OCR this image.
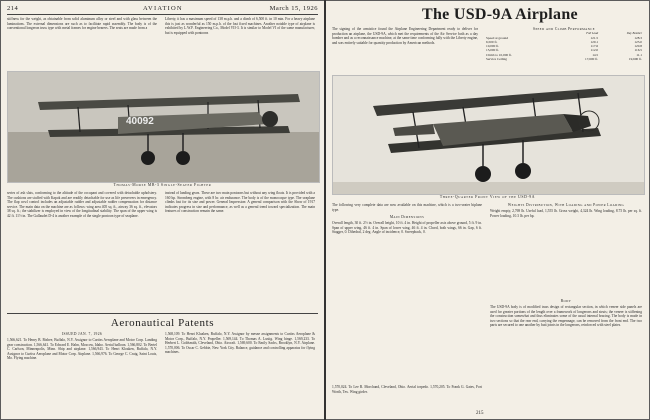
214	AVIATION	March 15, 1926
stiffness for the weight, as obtainable from solid aluminum alloy or steel and with glass between the laminations. The external dimensions are such as to facilitate rapid assembly. The body is of the conventional longeron truss type with metal frames for engine bearers. The seats are made from a
Liberty, it has a maximum speed of 138 m.p.h. and a climb of 6,500 ft. in 10 min. For a heavy airplane this is just as wonderful as 150 m.p.h. of the fast fixed machines. Another notable type of airplane is exhibited by L.W.F. Engineering Co., Model VII-3. It is similar to Model VI of the same manufacturer, but is equipped with pontoons
40092
Thomas-Morse MB-3 Single-Seater Fighter
series of ash slats, conforming to the altitude of the occupant and covered with detachable upholstery. The cushions are stuffed with Kapok and are readily detachable for use as life preservers in emergency. The flap cowl control includes an adjustable rudder and adjustable rudder compensation for distance service. The main data on the machine are as follows: wing area 405 sq. ft., airway 36 sq. ft., elevators 38 sq. ft.; the stabilizer is employed in view of the longitudinal stability. The span of the upper wing is 42 ft. 11½ in. The Gallaudet D-4 is another example of the single pontoon type of seaplane.
instead of landing gears. These are two main pontoons but without any wing floats. It is provided with a 160 hp. Stromberg engine, with 8 hr. air endurance. The body is of the monocoque type. The seaplane climbs fast for its size and power. General Impression: A general comparison with the Show of 1917 indicates progress in size and performance, as well as a general trend toward specialization. The main features of construction remain the same.
Aeronautical Patents
ISSUED JAN. 7, 1926
1,566,621. To Henry B. Bisbee, Buffalo, N.Y. Assignor to Curtiss Aeroplane and Motor Corp. Landing gear construction. 1,566,641. To Edward E. Hahn, Moscow, Idaho. Aerial balloon. 1,566,802. To Bertel C. Carlson, Minneapolis, Minn. Ship and airplane. 1,566,943. To Henri Kloaken, Buffalo, N.Y. Assignor to Curtiss Aeroplane and Motor Corp. Airplane. 1,566,976. To George C. Craig, Saint Louis, Mo. Flying machine.
1,568,109. To Henri Kloaken, Buffalo, N.Y. Assignor by mesne assignments to Curtiss Aeroplane & Motor Corp., Buffalo, N.Y. Propeller. 1,569,144. To Thomas A. Lustig. Wing hinge. 1,569,233. To Herbert L. Goldsmith, Cleveland, Ohio. Aircraft. 1,569,600. To Emily Sachs, Brooklyn, N.Y. Airplane. 1,570,006. To Oscar C. Gebbie, New York City. Balance, guidance and controlling apparatus for flying machines.
The USD-9A Airplane
The signing of the armistice found the Airplane Engineering Department ready to deliver for production an airplane, the USD-9A, which met the requirements of the Air Service both as a day bomber and as a reconnaissance machine, at the same time conforming fully with the Liberty engine, and was entirely suitable for quantity production by American methods.
Speed and Climb Performance
	Full Load	Day Bomber
Speed at ground	121.5	128.3
6,500 ft.	120.1	123.0
10,000 ft.	117.6	120.8
15,000 ft.	112.0	116.5
Climb to 10,000 ft.	14.5	11.1
Service Ceiling	17,600 ft.	19,600 ft.
Three-Quarter Front View of the USD-9A
The following very complete data are now available on this machine, which is a two-seater biplane type.
Main Dimensions
Overall length, 30 ft. 2½ in. Overall height, 10 ft. 4 in. Height of propeller axis above ground, 5 ft. 9 in. Span of upper wing, 46 ft. 4 in. Span of lower wing, 46 ft. 4 in. Chord, both wings, 66 in. Gap, 6 ft. Stagger, 0. Dihedral, 2 deg. Angle of incidence, 0. Sweepback, 0.
1,570,024. To Lee R. Morchand, Cleveland, Ohio. Aerial torpedo. 1,570,205. To Frank G. Gates, Fort Worth, Tex. Wing girder.
Weights Distribution, With Loading and Power Loading
Weight empty, 2,769 lb. Useful load, 1,555 lb. Gross weight, 4,324 lb. Wing loading, 8.75 lb. per sq. ft. Power loading, 10.3 lb. per hp.
Body
The USD-9A body is of modified truss design of rectangular section, in which veneer side panels are used for greater portions of the length over a framework of longerons and struts; the veneer is stiffening the construction somewhat and thus eliminates some of the usual internal bracing. The body is made in two sections so that the rear end, carrying the empennage, can be removed from the front end. The two parts are secured to one another by butt joints in the longerons, reinforced with steel plates.
215
